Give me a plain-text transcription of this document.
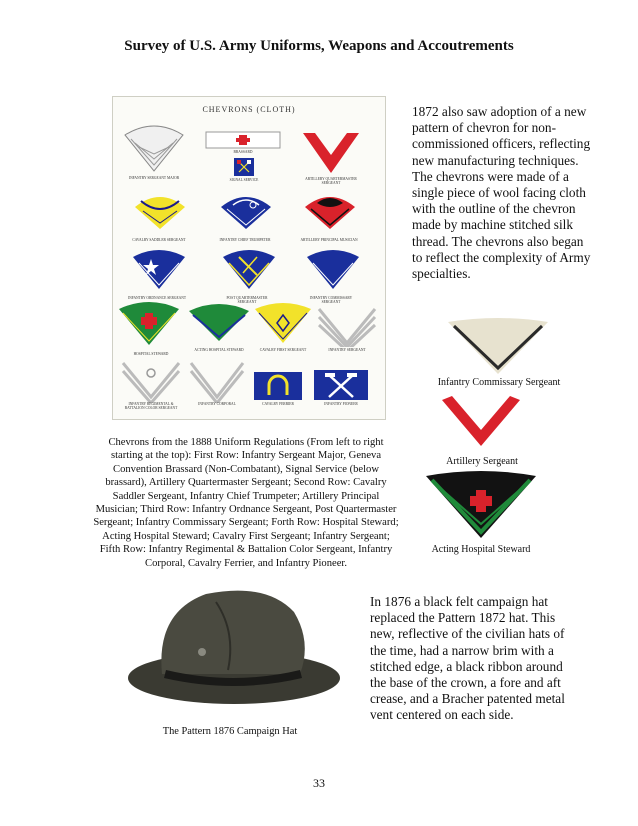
Survey of U.S. Army Uniforms, Weapons and Accoutrements
CHEVRONS (CLOTH)
INFANTRY SERGEANT MAJOR
BRASSARD
SIGNAL SERVICE	ARTILLERY QUARTERMASTER SERGEANT
CAVALRY SADDLER SERGEANT	INFANTRY CHIEF TRUMPETER	ARTILLERY PRINCIPAL MUSICIAN
INFANTRY ORDNANCE SERGEANT	POST QUARTERMASTER SERGEANT
INFANTRY COMMISSARY SERGEANT
HOSPITAL STEWARD
ACTING HOSPITAL STEWARD	CAVALRY FIRST SERGEANT	INFANTRY SERGEANT
INFANTRY REGIMENTAL & BATTALION COLOR SERGEANT
INFANTRY CORPORAL	CAVALRY FERRIER	INFANTRY PIONEER
1872 also saw adoption of a new pattern of chevron for non-commissioned officers, reflecting new manufacturing techniques. The chevrons were made of a single piece of wool facing cloth with the outline of the chevron made by machine stitched silk thread. The chevrons also began to reflect the complexity of Army specialties.
Infantry Commissary Sergeant
Artillery Sergeant
Acting Hospital Steward
Chevrons from the 1888 Uniform Regulations (From left to right starting at the top): First Row: Infantry Sergeant Major, Geneva Convention Brassard (Non-Combatant), Signal Service (below brassard), Artillery Quartermaster Sergeant; Second Row: Cavalry Saddler Sergeant, Infantry Chief Trumpeter; Artillery Principal Musician; Third Row: Infantry Ordnance Sergeant, Post Quartermaster Sergeant; Infantry Commissary Sergeant; Forth Row: Hospital Steward; Acting Hospital Steward; Cavalry First Sergeant; Infantry Sergeant; Fifth Row: Infantry Regimental & Battalion Color Sergeant, Infantry Corporal, Cavalry Ferrier, and Infantry Pioneer.
The Pattern 1876 Campaign Hat
In 1876 a black felt campaign hat replaced the Pattern 1872 hat. This new, reflective of the civilian hats of the time, had a narrow brim with a stitched edge, a black ribbon around the base of the crown, a fore and aft crease, and a Bracher patented metal vent centered on each side.
33
